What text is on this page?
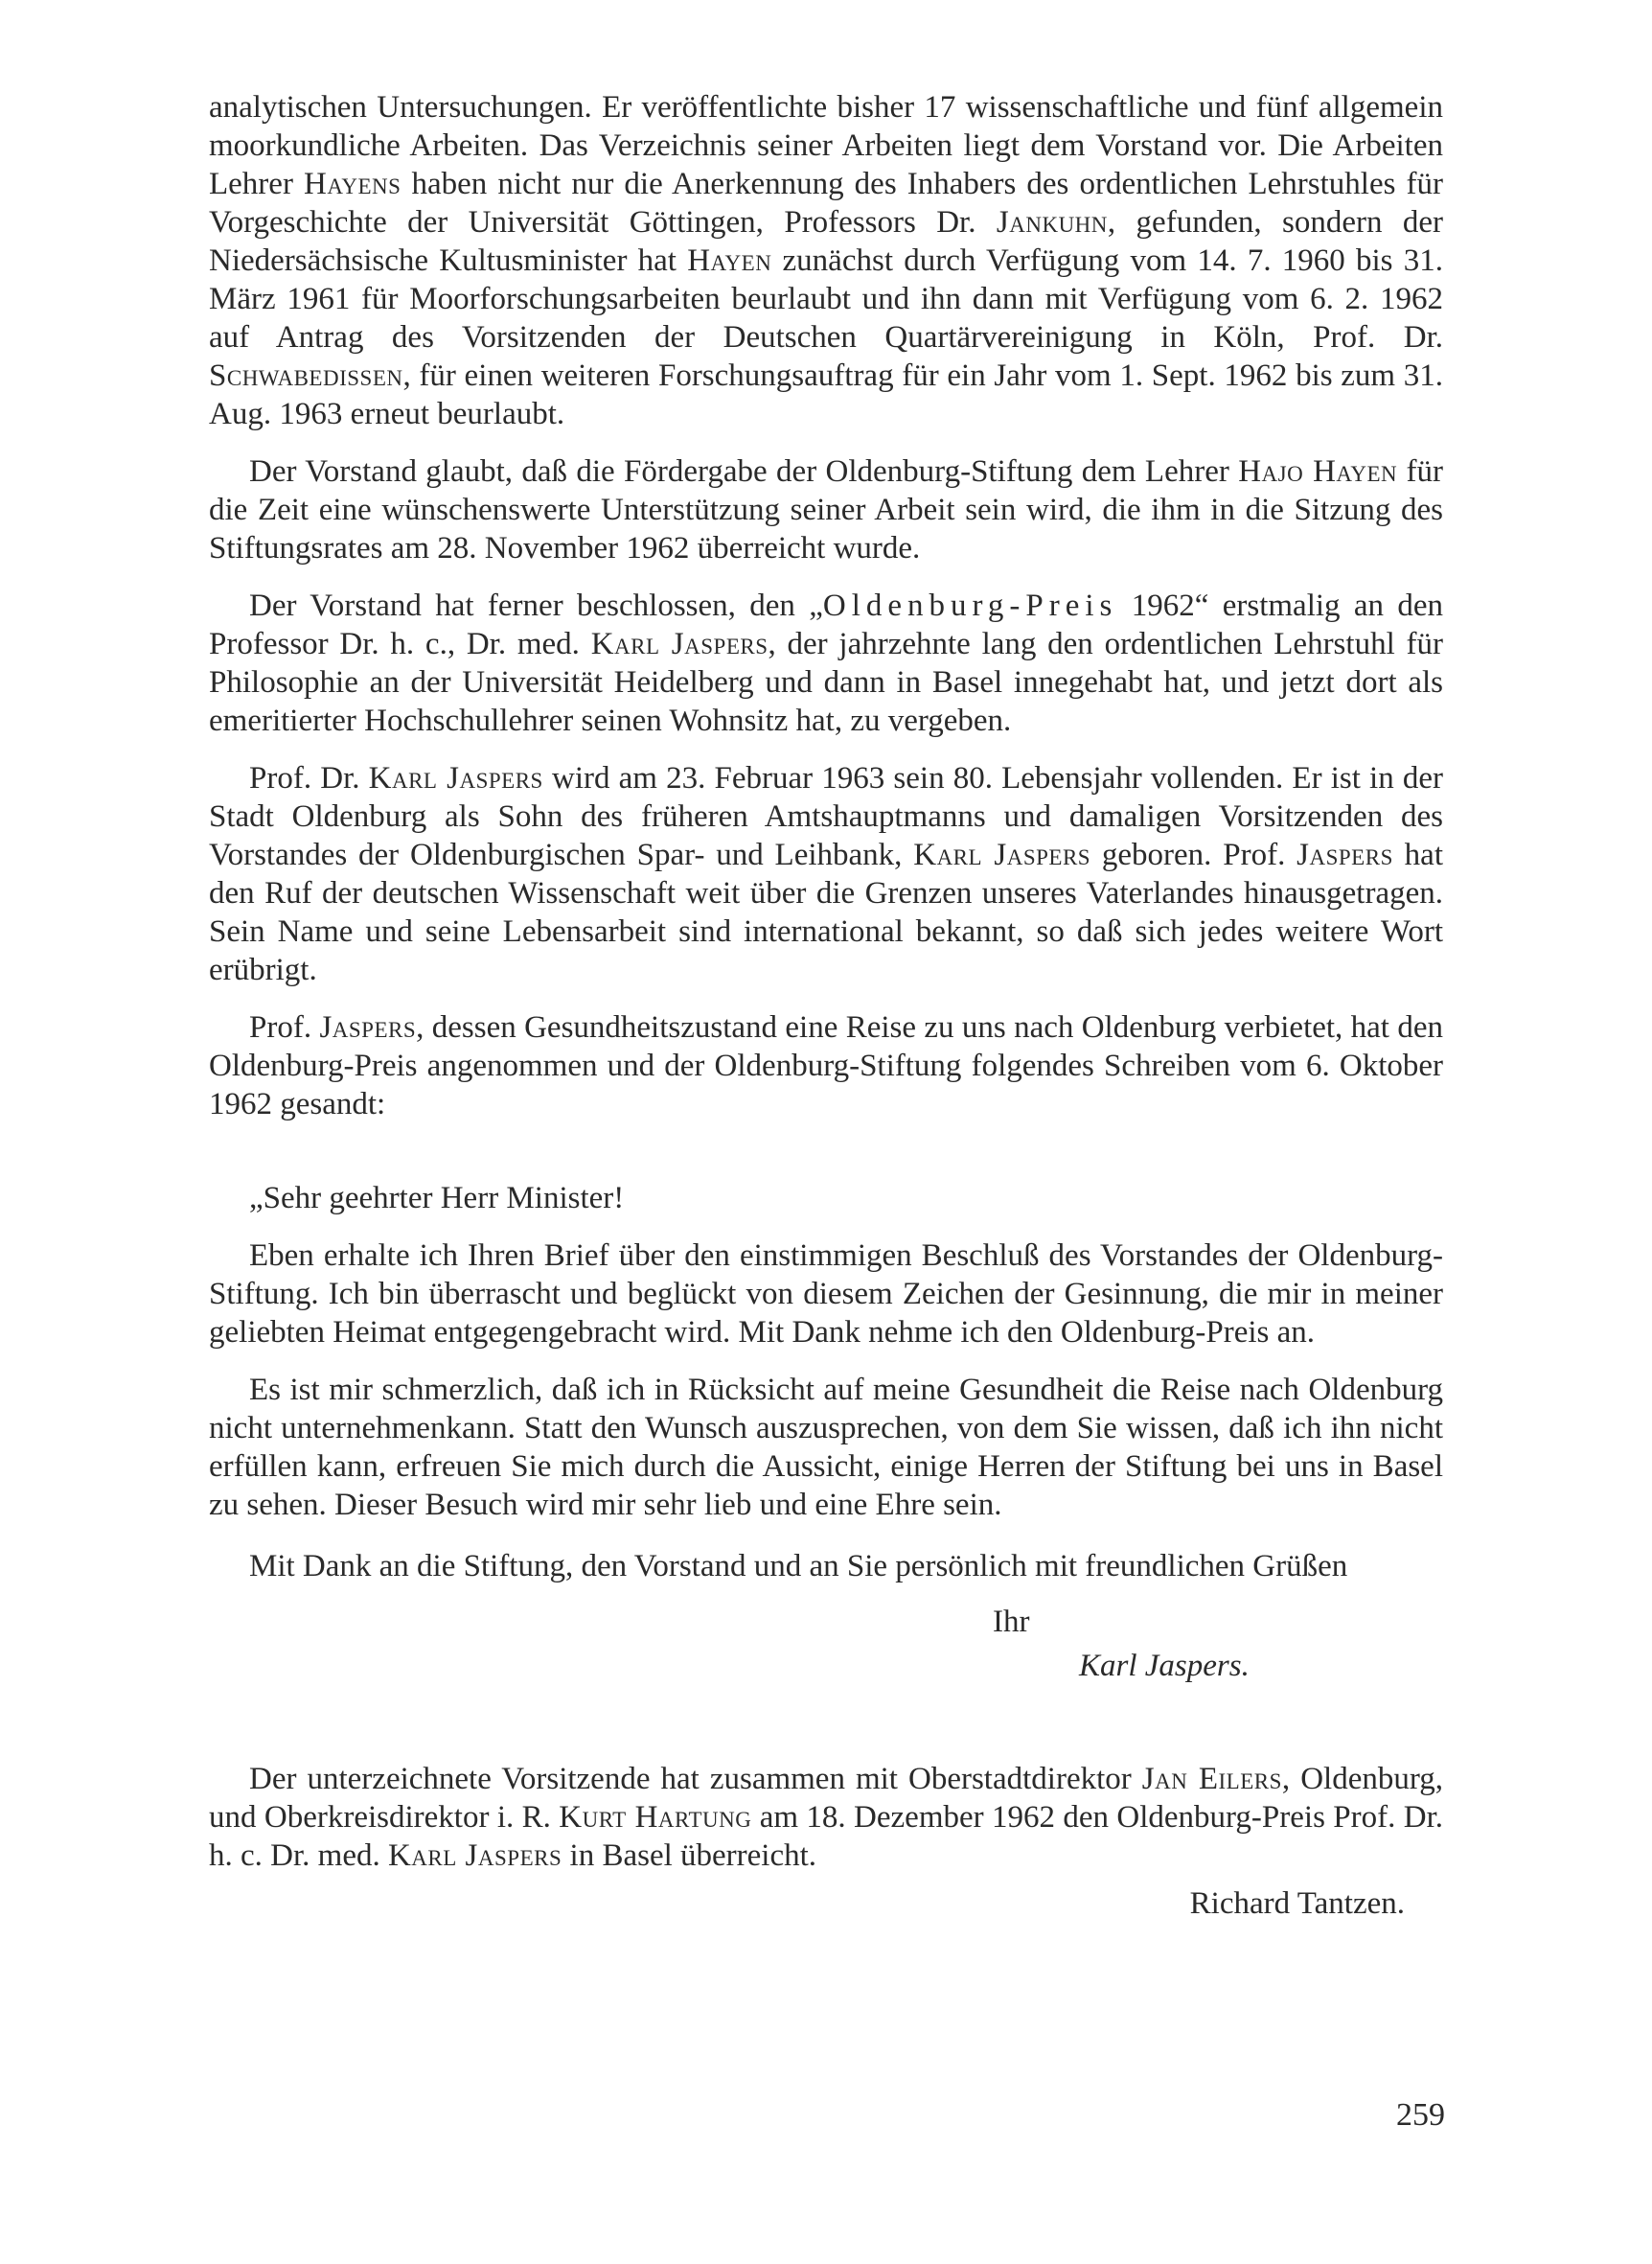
analytischen Untersuchungen. Er veröffentlichte bisher 17 wissenschaftliche und fünf allgemein moorkundliche Arbeiten. Das Verzeichnis seiner Arbeiten liegt dem Vorstand vor. Die Arbeiten Lehrer Hayens haben nicht nur die Anerkennung des Inhabers des ordentlichen Lehrstuhles für Vorgeschichte der Universität Göttingen, Professors Dr. Jankuhn, gefunden, sondern der Niedersächsische Kultusminister hat Hayen zunächst durch Verfügung vom 14. 7. 1960 bis 31. März 1961 für Moorforschungsarbeiten beurlaubt und ihn dann mit Verfügung vom 6. 2. 1962 auf Antrag des Vorsitzenden der Deutschen Quartärvereinigung in Köln, Prof. Dr. Schwabedissen, für einen weiteren Forschungsauftrag für ein Jahr vom 1. Sept. 1962 bis zum 31. Aug. 1963 erneut beurlaubt.

Der Vorstand glaubt, daß die Fördergabe der Oldenburg-Stiftung dem Lehrer Hajo Hayen für die Zeit eine wünschenswerte Unterstützung seiner Arbeit sein wird, die ihm in die Sitzung des Stiftungsrates am 28. November 1962 überreicht wurde.

Der Vorstand hat ferner beschlossen, den „Oldenburg-Preis 1962“ erstmalig an den Professor Dr. h. c., Dr. med. Karl Jaspers, der jahrzehnte lang den ordentlichen Lehrstuhl für Philosophie an der Universität Heidelberg und dann in Basel innegehabt hat, und jetzt dort als emeritierter Hochschullehrer seinen Wohnsitz hat, zu vergeben.

Prof. Dr. Karl Jaspers wird am 23. Februar 1963 sein 80. Lebensjahr vollenden. Er ist in der Stadt Oldenburg als Sohn des früheren Amtshauptmanns und damaligen Vorsitzenden des Vorstandes der Oldenburgischen Spar- und Leihbank, Karl Jaspers geboren. Prof. Jaspers hat den Ruf der deutschen Wissenschaft weit über die Grenzen unseres Vaterlandes hinausgetragen. Sein Name und seine Lebensarbeit sind international bekannt, so daß sich jedes weitere Wort erübrigt.

Prof. Jaspers, dessen Gesundheitszustand eine Reise zu uns nach Oldenburg verbietet, hat den Oldenburg-Preis angenommen und der Oldenburg-Stiftung folgendes Schreiben vom 6. Oktober 1962 gesandt:

„Sehr geehrter Herr Minister!

Eben erhalte ich Ihren Brief über den einstimmigen Beschluß des Vorstandes der Oldenburg-Stiftung. Ich bin überrascht und beglückt von diesem Zeichen der Gesinnung, die mir in meiner geliebten Heimat entgegengebracht wird. Mit Dank nehme ich den Oldenburg-Preis an.

Es ist mir schmerzlich, daß ich in Rücksicht auf meine Gesundheit die Reise nach Oldenburg nicht unternehmenkann. Statt den Wunsch auszusprechen, von dem Sie wissen, daß ich ihn nicht erfüllen kann, erfreuen Sie mich durch die Aussicht, einige Herren der Stiftung bei uns in Basel zu sehen. Dieser Besuch wird mir sehr lieb und eine Ehre sein.

Mit Dank an die Stiftung, den Vorstand und an Sie persönlich mit freundlichen Grüßen

Ihr
Karl Jaspers.

Der unterzeichnete Vorsitzende hat zusammen mit Oberstadtdirektor Jan Eilers, Oldenburg, und Oberkreisdirektor i. R. Kurt Hartung am 18. Dezember 1962 den Oldenburg-Preis Prof. Dr. h. c. Dr. med. Karl Jaspers in Basel überreicht.

Richard Tantzen.
259
